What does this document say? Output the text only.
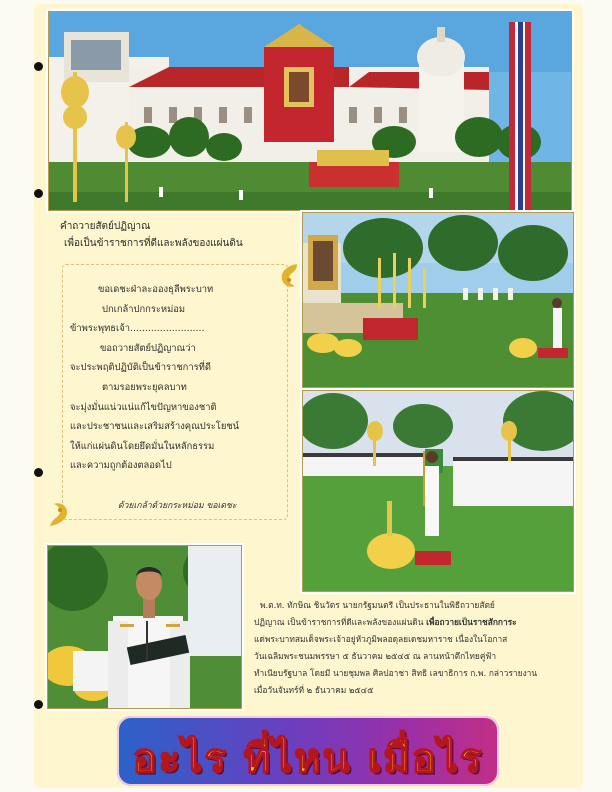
คำถวายสัตย์ปฏิญาณ
เพื่อเป็นข้าราชการที่ดีและพลังของแผ่นดิน
ขอเดชะฝ่าละอองธุลีพระบาท
ปกเกล้าปกกระหม่อม
ข้าพระพุทธเจ้า.........................
ขอถวายสัตย์ปฏิญาณว่า
จะประพฤติปฏิบัติเป็นข้าราชการที่ดี
ตามรอยพระยุคลบาท
จะมุ่งมั่นแน่วแน่แก้ไขปัญหาของชาติ
และประชาชนและเสริมสร้างคุณประโยชน์
ให้แก่แผ่นดินโดยยึดมั่นในหลักธรรม
และความถูกต้องตลอดไป
ด้วยเกล้าด้วยกระหม่อม ขอเดชะ
พ.ต.ท. ทักษิณ ชินวัตร นายกรัฐมนตรี เป็นประธานในพิธีถวายสัตย์
ปฏิญาณ เป็นข้าราชการที่ดีและพลังของแผ่นดิน เพื่อถวายเป็นราชสักการะ
แด่พระบาทสมเด็จพระเจ้าอยู่หัวภูมิพลอดุลยเดชมหาราช เนื่องในโอกาส
วันเฉลิมพระชนมพรรษา ๕ ธันวาคม ๒๕๔๕ ณ ลานหน้าตึกไทยคู่ฟ้า
ทำเนียบรัฐบาล โดยมี นายชุมพล ศิลปอาชา สิทธิ เลขาธิการ ก.พ. กล่าวรายงาน
เมื่อวันจันทร์ที่ ๒ ธันวาคม ๒๕๔๕
อะไร ที่ไหน เมื่อไร
